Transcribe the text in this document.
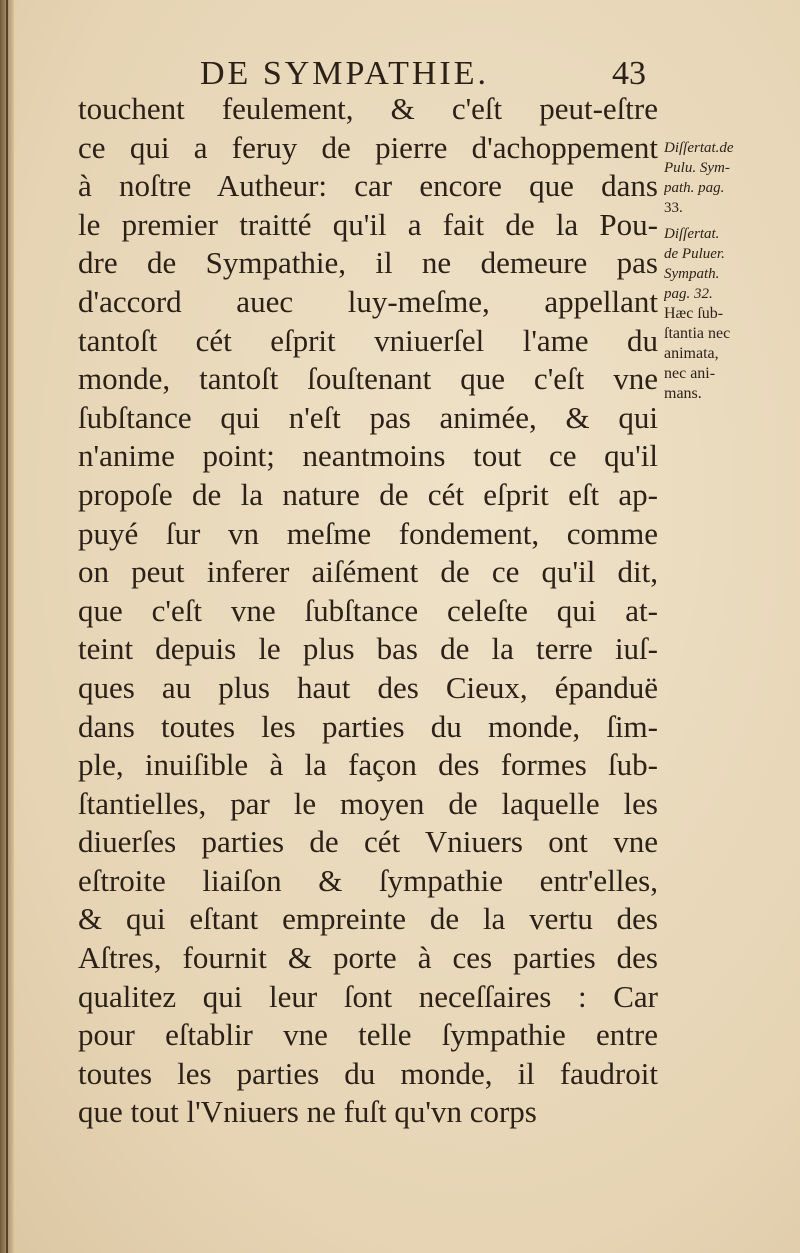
DE SYMPATHIE.	43
touchent feulement, & c'eſt peut-eſtre
ce qui a feruy de pierre d'achoppement
à noſtre Autheur: car encore que dans
le premier traitté qu'il a fait de la Pou-
dre de Sympathie, il ne demeure pas
d'accord auec luy-meſme, appellant
tantoſt cét eſprit vniuerſel l'ame du
monde, tantoſt ſouſtenant que c'eſt vne
ſubſtance qui n'eſt pas animée, & qui
n'anime point; neantmoins tout ce qu'il
propoſe de la nature de cét eſprit eſt ap-
puyé ſur vn meſme fondement, comme
on peut inferer aiſément de ce qu'il dit,
que c'eſt vne ſubſtance celeſte qui at-
teint depuis le plus bas de la terre iuſ-
ques au plus haut des Cieux, épanduë
dans toutes les parties du monde, ſim-
ple, inuiſible à la façon des formes ſub-
ſtantielles, par le moyen de laquelle les
diuerſes parties de cét Vniuers ont vne
eſtroite liaiſon & ſympathie entr'elles,
& qui eſtant empreinte de la vertu des
Aſtres, fournit & porte à ces parties des
qualitez qui leur ſont neceſſaires : Car
pour eſtablir vne telle ſympathie entre
toutes les parties du monde, il faudroit
que tout l'Vniuers ne fuſt qu'vn corps
Diſſertat.de
Pulu. Sym-
path. pag.
33.
Diſſertat.
de Puluer.
Sympath.
pag. 32.
Hæc ſub-
ſtantia nec
animata,
nec ani-
mans.
